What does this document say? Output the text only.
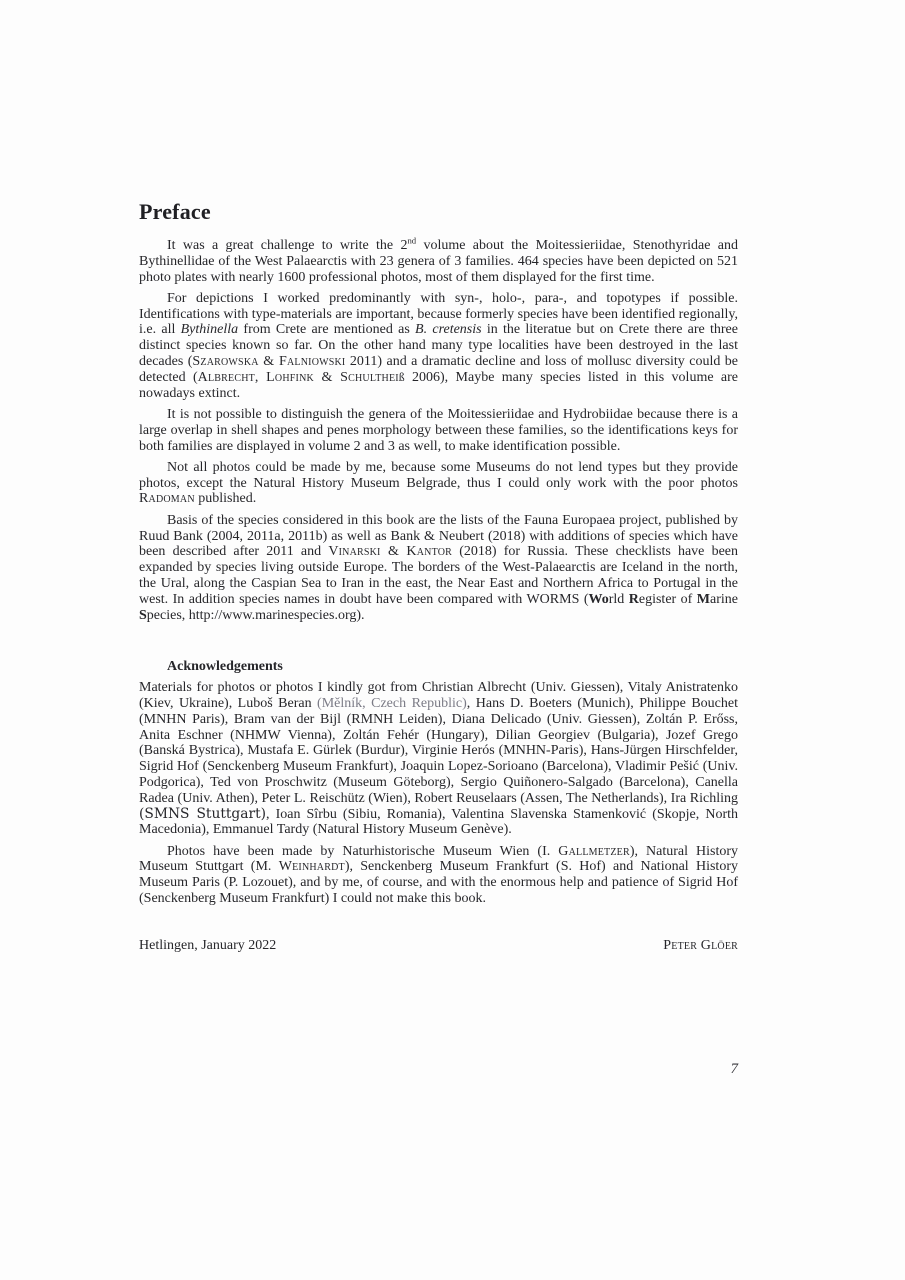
Preface

It was a great challenge to write the 2nd volume about the Moitessieriidae, Stenothyridae and Bythinellidae of the West Palaearctis with 23 genera of 3 families. 464 species have been depicted on 521 photo plates with nearly 1600 professional photos, most of them displayed for the first time.

For depictions I worked predominantly with syn-, holo-, para-, and topotypes if possible. Identifications with type-materials are important, because formerly species have been identified regionally, i.e. all Bythinella from Crete are mentioned as B. cretensis in the literatue but on Crete there are three distinct species known so far. On the other hand many type localities have been destroyed in the last decades (Szarowska & Falniowski 2011) and a dramatic decline and loss of mollusc diversity could be detected (Albrecht, Lohfink & Schultheiß 2006), Maybe many species listed in this volume are nowadays extinct.

It is not possible to distinguish the genera of the Moitessieriidae and Hydrobiidae because there is a large overlap in shell shapes and penes morphology between these families, so the identifications keys for both families are displayed in volume 2 and 3 as well, to make identification possible.

Not all photos could be made by me, because some Museums do not lend types but they provide photos, except the Natural History Museum Belgrade, thus I could only work with the poor photos Radoman published.

Basis of the species considered in this book are the lists of the Fauna Europaea project, published by Ruud Bank (2004, 2011a, 2011b) as well as Bank & Neubert (2018) with additions of species which have been described after 2011 and Vinarski & Kantor (2018) for Russia. These checklists have been expanded by species living outside Europe. The borders of the West-Palaearctis are Iceland in the north, the Ural, along the Caspian Sea to Iran in the east, the Near East and Northern Africa to Portugal in the west. In addition species names in doubt have been compared with WORMS (World Register of Marine Species, http://www.marinespecies.org).

Acknowledgements

Materials for photos or photos I kindly got from Christian Albrecht (Univ. Giessen), Vitaly Anistratenko (Kiev, Ukraine), Luboš Beran (Mělník, Czech Republic), Hans D. Boeters (Munich), Philippe Bouchet (MNHN Paris), Bram van der Bijl (RMNH Leiden), Diana Delicado (Univ. Giessen), Zoltán P. Erőss, Anita Eschner (NHMW Vienna), Zoltán Fehér (Hungary), Dilian Georgiev (Bulgaria), Jozef Grego (Banská Bystrica), Mustafa E. Gürlek (Burdur), Virginie Herós (MNHN-Paris), Hans-Jürgen Hirschfelder, Sigrid Hof (Senckenberg Museum Frankfurt), Joaquin Lopez-Sorioano (Barcelona), Vladimir Pešić (Univ. Podgorica), Ted von Proschwitz (Museum Göteborg), Sergio Quiñonero-Salgado (Barcelona), Canella Radea (Univ. Athen), Peter L. Reischütz (Wien), Robert Reuselaars (Assen, The Netherlands), Ira Richling (SMNS Stuttgart), Ioan Sîrbu (Sibiu, Romania), Valentina Slavenska Stamenković (Skopje, North Macedonia), Emmanuel Tardy (Natural History Museum Genève).

Photos have been made by Naturhistorische Museum Wien (I. Gallmetzer), Natural History Museum Stuttgart (M. Weinhardt), Senckenberg Museum Frankfurt (S. Hof) and National History Museum Paris (P. Lozouet), and by me, of course, and with the enormous help and patience of Sigrid Hof (Senckenberg Museum Frankfurt) I could not make this book.

Hetlingen, January 2022	Peter Glöer
7
